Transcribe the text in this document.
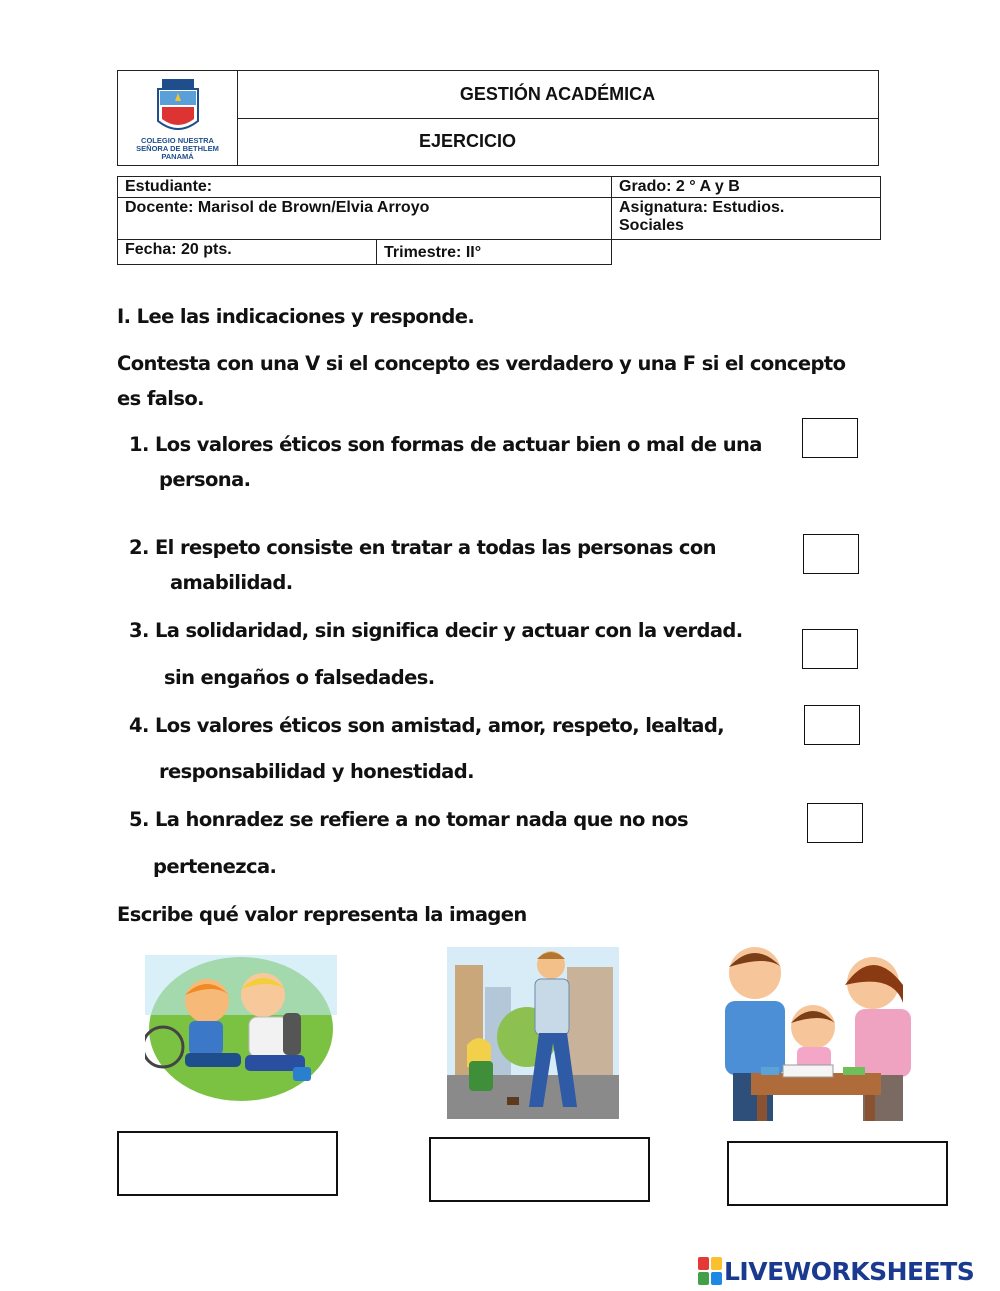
COLEGIO NUESTRA
SEÑORA DE BETHLEM
PANAMÁ
GESTIÓN ACADÉMICA
EJERCICIO
Estudiante:	Grado: 2 ° A y B
Docente: Marisol de Brown/Elvia Arroyo	Asignatura: Estudios.
Sociales
Fecha: 20 pts.	Trimestre: II°
I. Lee las indicaciones y responde.
Contesta con una V si el concepto es verdadero y una F si el concepto
es falso.
1. Los valores éticos son formas de actuar bien o mal de una
persona.
2. El respeto consiste en tratar a todas las personas con
amabilidad.
3. La solidaridad, sin significa decir y actuar con la verdad.
sin engaños o falsedades.
4. Los valores éticos son amistad, amor, respeto, lealtad,
responsabilidad y honestidad.
5. La honradez se refiere a no tomar nada que no nos
pertenezca.
Escribe qué valor representa la imagen
LIVEWORKSHEETS
